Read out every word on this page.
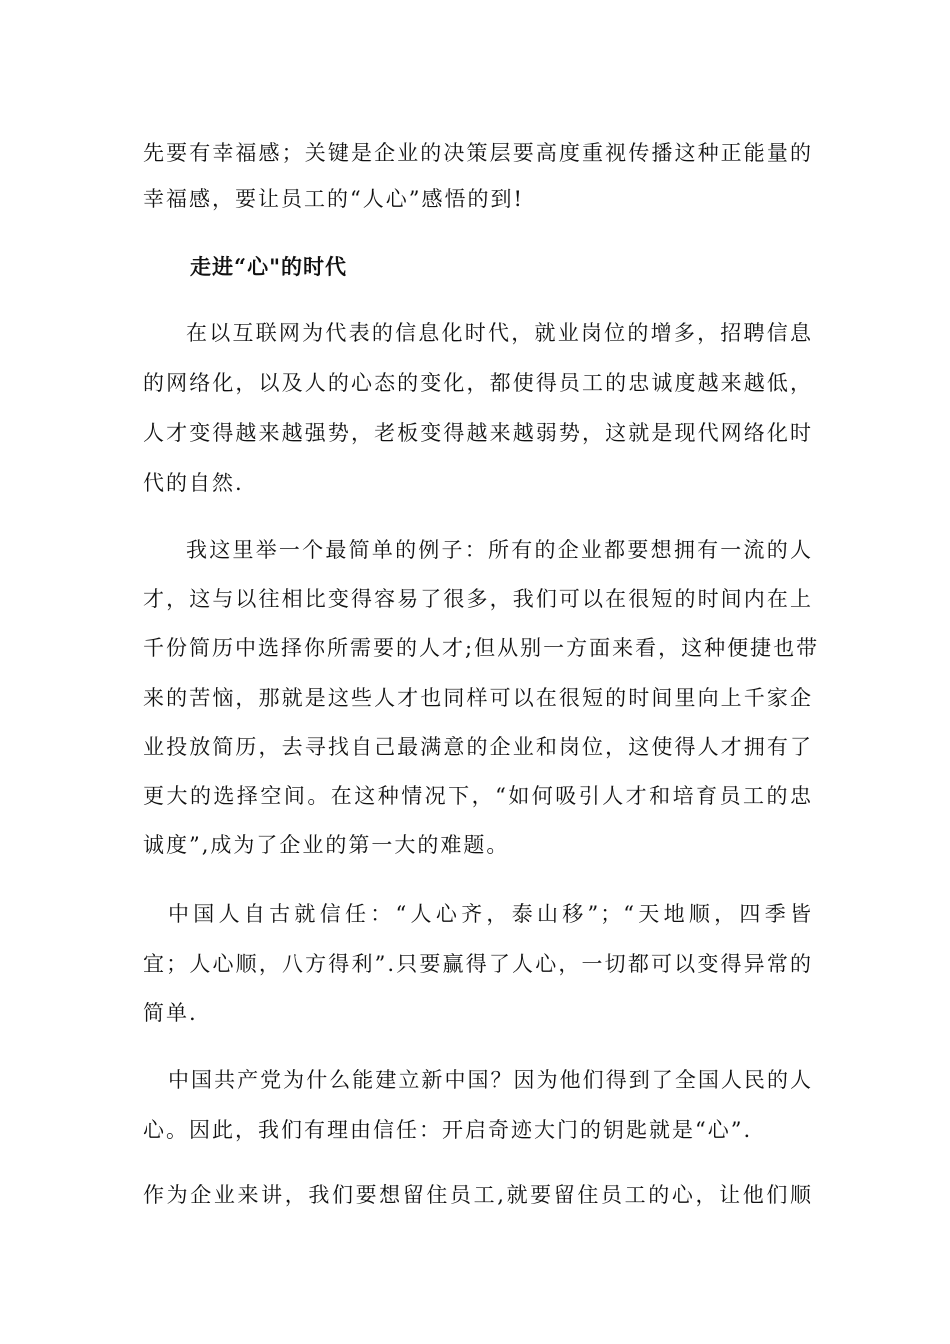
先要有幸福感；关键是企业的决策层要高度重视传播这种正能量的

幸福感，要让员工的“人心”感悟的到!

走进“心"的时代

在以互联网为代表的信息化时代，就业岗位的增多，招聘信息

的网络化，以及人的心态的变化，都使得员工的忠诚度越来越低，

人才变得越来越强势，老板变得越来越弱势，这就是现代网络化时

代的自然.

我这里举一个最简单的例子：所有的企业都要想拥有一流的人

才，这与以往相比变得容易了很多，我们可以在很短的时间内在上

千份简历中选择你所需要的人才;但从别一方面来看，这种便捷也带

来的苦恼，那就是这些人才也同样可以在很短的时间里向上千家企

业投放简历，去寻找自己最满意的企业和岗位，这使得人才拥有了

更大的选择空间。在这种情况下，“如何吸引人才和培育员工的忠

诚度”,成为了企业的第一大的难题。

中国人自古就信任：“人心齐，泰山移”；“天地顺，四季皆

宜；人心顺，八方得利”.只要赢得了人心，一切都可以变得异常的

简单.

中国共产党为什么能建立新中国？因为他们得到了全国人民的人

心。因此，我们有理由信任：开启奇迹大门的钥匙就是“心”.

作为企业来讲，我们要想留住员工,就要留住员工的心，让他们顺
